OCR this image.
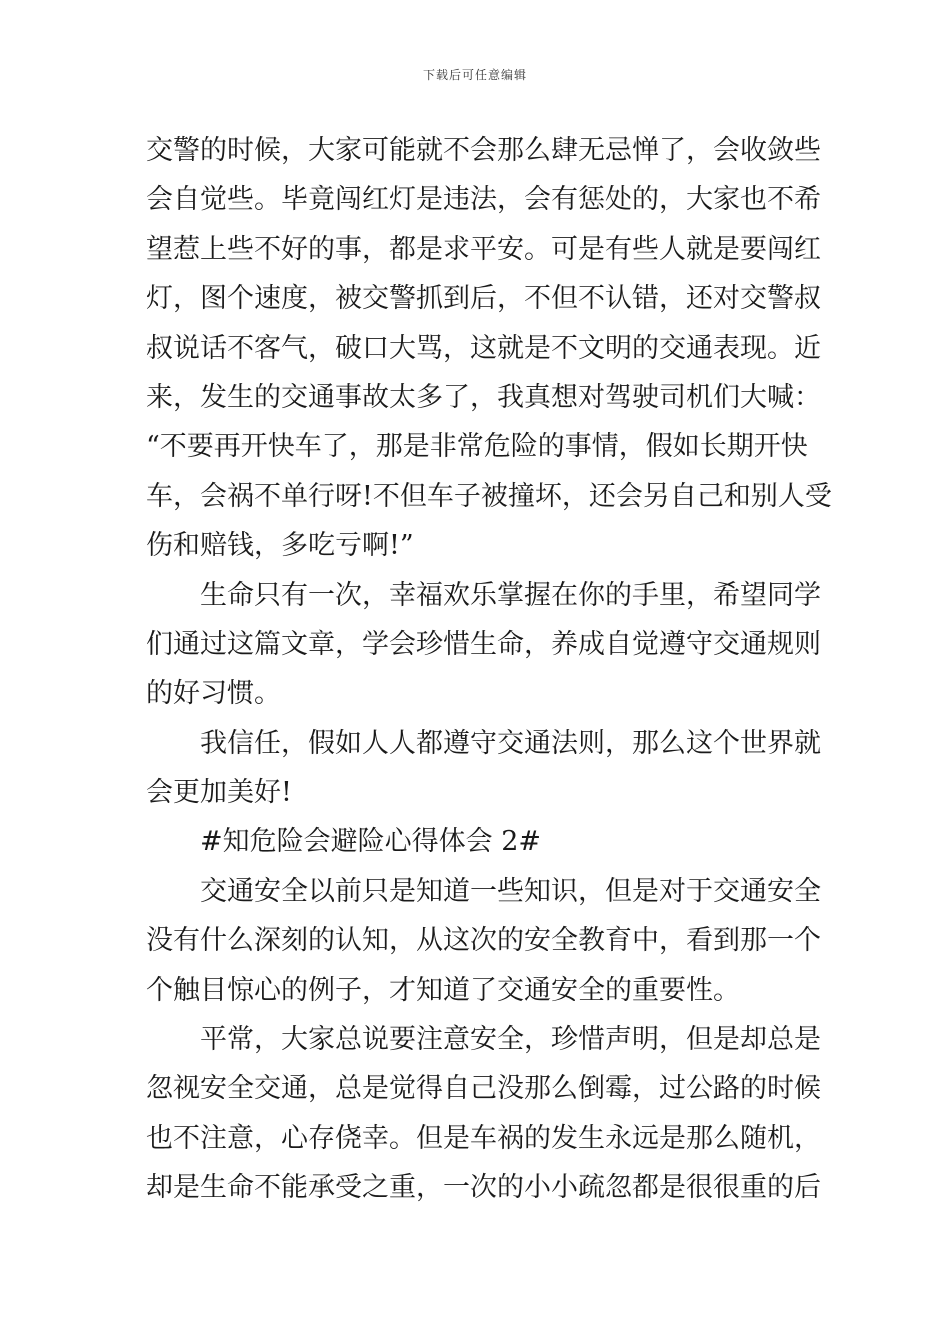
下载后可任意编辑
交警的时候，大家可能就不会那么肆无忌惮了，会收敛些
会自觉些。毕竟闯红灯是违法，会有惩处的，大家也不希
望惹上些不好的事，都是求平安。可是有些人就是要闯红
灯，图个速度，被交警抓到后，不但不认错，还对交警叔
叔说话不客气，破口大骂，这就是不文明的交通表现。近
来，发生的交通事故太多了，我真想对驾驶司机们大喊：
“不要再开快车了，那是非常危险的事情，假如长期开快
车，会祸不单行呀!不但车子被撞坏，还会另自己和别人受
伤和赔钱，多吃亏啊!”
生命只有一次，幸福欢乐掌握在你的手里，希望同学
们通过这篇文章，学会珍惜生命，养成自觉遵守交通规则
的好习惯。
我信任，假如人人都遵守交通法则，那么这个世界就
会更加美好!
#知危险会避险心得体会 2#
交通安全以前只是知道一些知识，但是对于交通安全
没有什么深刻的认知，从这次的安全教育中，看到那一个
个触目惊心的例子，才知道了交通安全的重要性。
平常，大家总说要注意安全，珍惜声明，但是却总是
忽视安全交通，总是觉得自己没那么倒霉，过公路的时候
也不注意，心存侥幸。但是车祸的发生永远是那么随机，
却是生命不能承受之重，一次的小小疏忽都是很很重的后
